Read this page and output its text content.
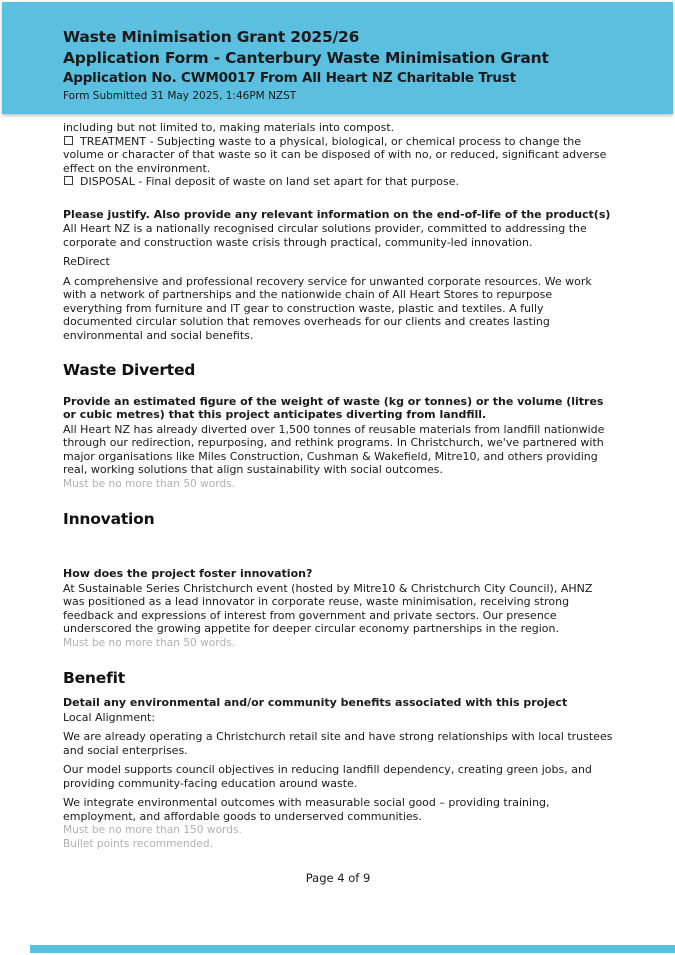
Waste Minimisation Grant 2025/26
Application Form - Canterbury Waste Minimisation Grant
Application No. CWM0017 From All Heart NZ Charitable Trust
Form Submitted 31 May 2025, 1:46PM NZST

including but not limited to, making materials into compost.

TREATMENT - Subjecting waste to a physical, biological, or chemical process to change the volume or character of that waste so it can be disposed of with no, or reduced, significant adverse effect on the environment.

DISPOSAL - Final deposit of waste on land set apart for that purpose.

Please justify. Also provide any relevant information on the end-of-life of the product(s)

All Heart NZ is a nationally recognised circular solutions provider, committed to addressing the corporate and construction waste crisis through practical, community-led innovation.

ReDirect

A comprehensive and professional recovery service for unwanted corporate resources. We work with a network of partnerships and the nationwide chain of All Heart Stores to repurpose everything from furniture and IT gear to construction waste, plastic and textiles. A fully documented circular solution that removes overheads for our clients and creates lasting environmental and social benefits.

Waste Diverted

Provide an estimated figure of the weight of waste (kg or tonnes) or the volume (litres or cubic metres) that this project anticipates diverting from landfill.

All Heart NZ has already diverted over 1,500 tonnes of reusable materials from landfill nationwide through our redirection, repurposing, and rethink programs. In Christchurch, we've partnered with major organisations like Miles Construction, Cushman & Wakefield, Mitre10, and others providing real, working solutions that align sustainability with social outcomes.

Must be no more than 50 words.

Innovation

How does the project foster innovation?

At Sustainable Series Christchurch event (hosted by Mitre10 & Christchurch City Council), AHNZ was positioned as a lead innovator in corporate reuse, waste minimisation, receiving strong feedback and expressions of interest from government and private sectors. Our presence underscored the growing appetite for deeper circular economy partnerships in the region.

Must be no more than 50 words.

Benefit

Detail any environmental and/or community benefits associated with this project

Local Alignment:

We are already operating a Christchurch retail site and have strong relationships with local trustees and social enterprises.

Our model supports council objectives in reducing landfill dependency, creating green jobs, and providing community-facing education around waste.

We integrate environmental outcomes with measurable social good – providing training, employment, and affordable goods to underserved communities.

Must be no more than 150 words.

Bullet points recommended.

Page 4 of 9
